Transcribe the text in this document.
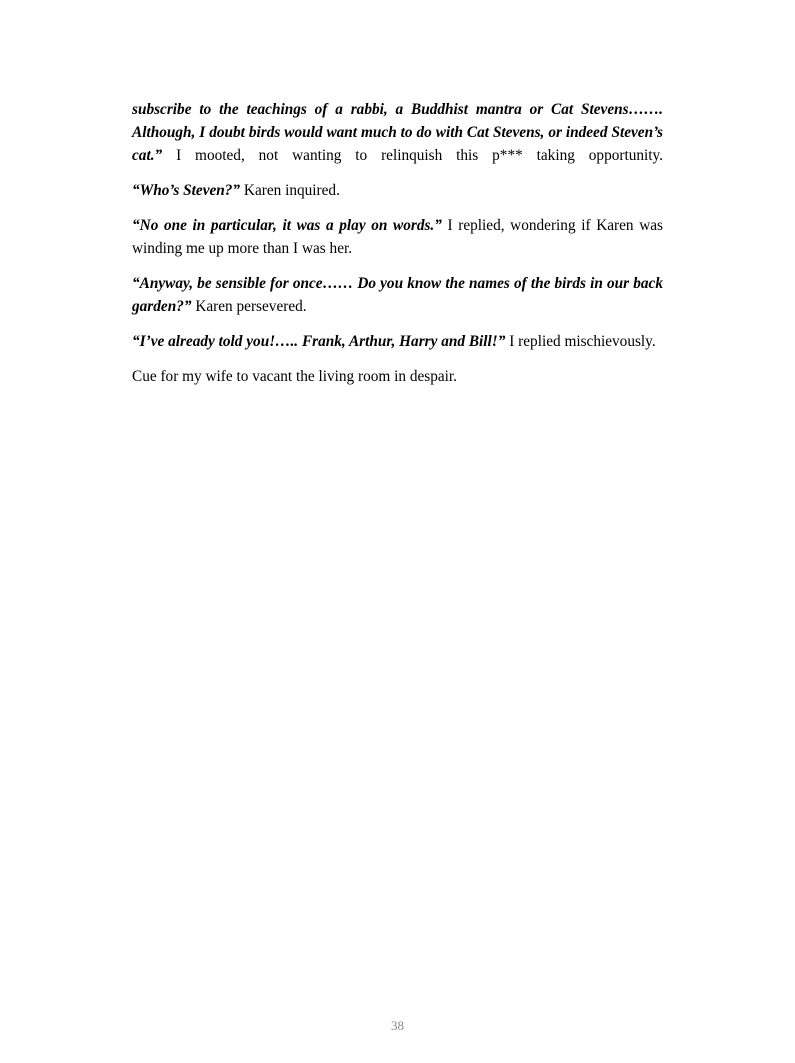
subscribe to the teachings of a rabbi, a Buddhist mantra or Cat Stevens……. Although, I doubt birds would want much to do with Cat Stevens, or indeed Steven’s cat.” I mooted, not wanting to relinquish this p*** taking opportunity.

“Who’s Steven?” Karen inquired.

“No one in particular, it was a play on words.” I replied, wondering if Karen was winding me up more than I was her.

“Anyway, be sensible for once…… Do you know the names of the birds in our back garden?” Karen persevered.

“I’ve already told you!….. Frank, Arthur, Harry and Bill!” I replied mischievously.

Cue for my wife to vacant the living room in despair.

38
